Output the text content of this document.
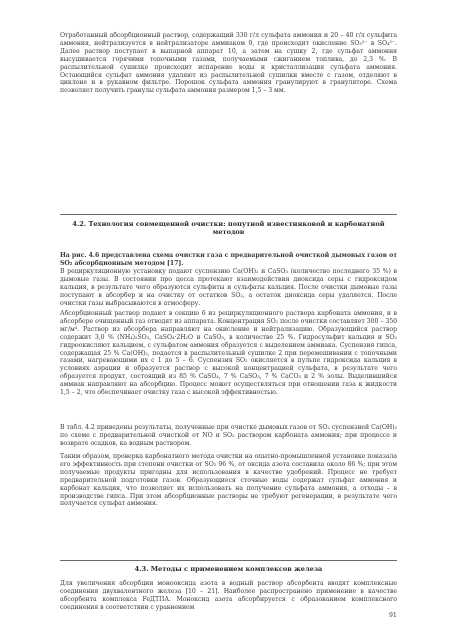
Отработанный абсорбционный раствор, содержащий 330 г/л сульфата аммония и 20 – 40 г/л сульфита аммония, нейтрализуется в нейтрализаторе аммиаком 9, где происходит окисление SO₃²⁻ в SO₄²⁻. Далее раствор поступает в выпарной аппарат 10, а затем на сушку 2, где сульфат аммония высушивается горячими топочными газами, получаемыми сжиганием топлива, до 2,3 %. В распылительной сушилке происходит испарение воды и кристаллизация сульфата аммония. Остающийся сульфат аммония удаляют из распылительной сушилки вместе с газом, отделяют в циклоне и в рукавном фильтре. Порошок сульфата аммония гранулируют в грануляторе. Схема позволяет получить гранулы сульфата аммония размером 1,5 – 3 мм.
4.2. Технология совмещенной очистки: попутной известняковой и карбонатной методов
На рис. 4.6 представлена схема очистки газа с предварительной очисткой дымовых газов от SO₂ абсорбционным методом [17].
В рециркуляционную установку подают суспензию Ca(OH)₂ и CaSO₃ (количество последнего 35 %) в дымовые газы. В состоянии про цесса протекают взаимодействия диоксида серы с гидроксидом кальция, в результате чего образуются сульфиты и сульфаты кальция. После очистки дымовые газы поступают в абсорбер и на очистку от остатков SO₂, а остаток диоксида серы удаляется. После очистки газы выбрасываются в атмосферу.
Абсорбционный раствор подают в секцию 6 из рециркуляционного раствора карбоната аммония, и в абсорбере очищенный газ отводят из аппарата. Концентрация SO₂ после очистки составляет 300 – 350 мг/м³. Раствор из абсорбера направляют на окисление и нейтрализацию. Образующийся раствор содержит 3,0 % (NH₄)₂SO₃, CaSO₄·2H₂O и CaSO₃, в количестве 25 %. Гидросульфит кальция и SO₂ гидроокисляют кальцием, с сульфатом аммония образуется с выделением аммиака. Суспензия гипса, содержащая 25 % Ca(OH)₂, подается в распылительный сушилке 2 при перемешивании с топочными газами, нагревающими их с 1 до 5 – 6. Суспензия SO₂ окисляется в пульпе гидроксида кальция в условиях аэрации и образуется раствор с высокой концентрацией сульфата, в результате чего образуется продукт, состоящий из 85 % CaSO₄, 7 % CaSO₃, 7 % CaCO₃ и 2 % золы. Выделившийся аммиак направляют на абсорбцию. Процесс может осуществляться при отношении газа к жидкости 1,5 – 2, что обеспечивает очистку газа с высокой эффективностью.
В табл. 4.2 приведены результаты, полученные при очистке дымовых газов от SO₂ суспензией Ca(OH)₂ по схеме с предварительной очисткой от NO и SO₂ раствором карбоната аммония; при процессе и возврате осадков, ка водным раствором.
Таким образом, проверка карбонатного метода очистки на опытно-промышленной установке показала его эффективность при степени очистки от SO₂ 96 %, от оксида азота составила около 86 %; при этом получаемые продукты пригодны для использования в качестве удобрений. Процесс не требует предварительной подготовки газов. Образующиеся сточные воды содержат сульфат аммония и карбонат кальция, что позволяет их использовать на получение сульфата аммония, а отходы – в производстве гипса. При этом абсорбционные растворы не требуют регенерации, в результате чего получается сульфат аммония.
4.3. Методы с применением комплексов железа
Для увеличения абсорбции монооксида азота в водный раствор абсорбента вводят комплексные соединения двухвалентного железа [10 – 21]. Наиболее распространено применение в качестве абсорбента комплекса FeДТПА. Моноксид азота абсорбируется с образованием комплексного соединения в соответствии с уравнением
91
